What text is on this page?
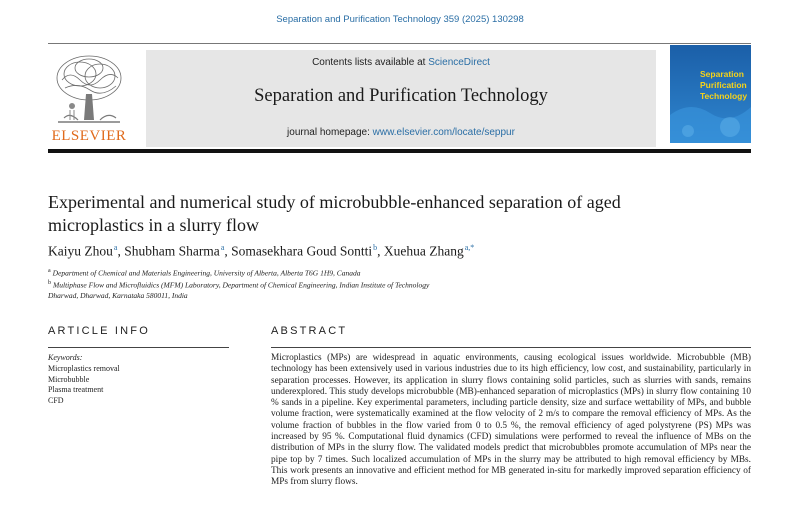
Separation and Purification Technology 359 (2025) 130298
ELSEVIER
Contents lists available at ScienceDirect
Separation and Purification Technology
journal homepage: www.elsevier.com/locate/seppur
Separation
Purification
Technology
Experimental and numerical study of microbubble-enhanced separation of aged microplastics in a slurry flow
Kaiyu Zhou$^a$, Shubham Sharma$^a$, Somasekhara Goud Sontti$^b$, Xuehua Zhang$^{a,*}$
$^a$ Department of Chemical and Materials Engineering, University of Alberta, Alberta T6G 1H9, Canada
$^b$ Multiphase Flow and Microfluidics (MFM) Laboratory, Department of Chemical Engineering, Indian Institute of Technology
Dharwad, Dharwad, Karnataka 580011, India
ARTICLE INFO	ABSTRACT
Keywords:
Microplastics removal
Microbubble
Plasma treatment
CFD
Microplastics (MPs) are widespread in aquatic environments, causing ecological issues worldwide. Microbubble (MB) technology has been extensively used in various industries due to its high efficiency, low cost, and sustainability, particularly in separation processes. However, its application in slurry flows containing solid particles, such as slurries with sands, remains underexplored. This study develops microbubble (MB)-enhanced separation of microplastics (MPs) in slurry flow containing 10 % sands in a pipeline. Key experimental parameters, including particle density, size and surface wettability of MPs, and bubble volume fraction, were systematically examined at the flow velocity of 2 m/s to compare the removal efficiency of MPs. As the volume fraction of bubbles in the flow varied from 0 to 0.5 %, the removal efficiency of aged polystyrene (PS) MPs was increased by 95 %. Computational fluid dynamics (CFD) simulations were performed to reveal the influence of MBs on the distribution of MPs in the slurry flow. The validated models predict that microbubbles promote accumulation of MPs near the pipe top by 7 times. Such localized accumulation of MPs in the slurry may be attributed to high removal efficiency by MBs. This work presents an innovative and efficient method for MB generated in-situ for markedly improved separation efficiency of MPs from slurry flows.
